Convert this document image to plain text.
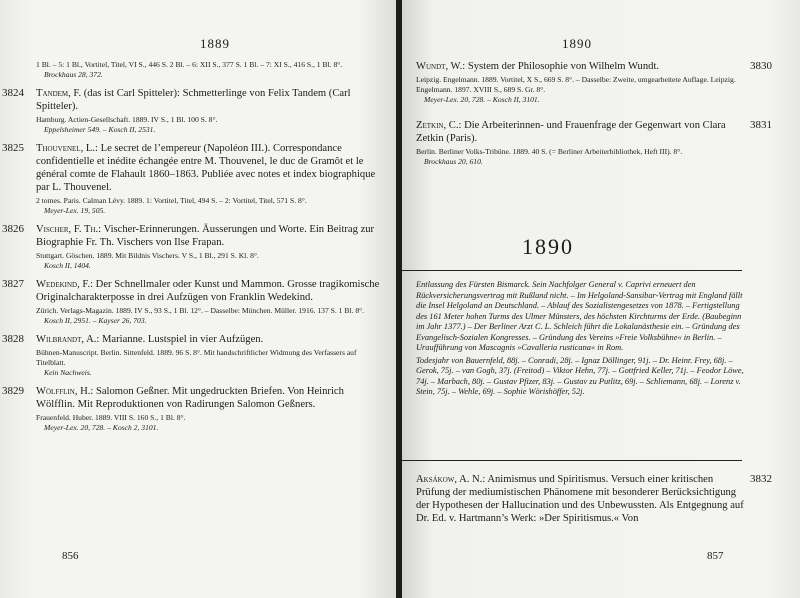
1889
1 Bl. – 5: 1 Bl., Vortitel, Titel, VI S., 446 S. 2 Bl. – 6: XII S., 377 S. 1 Bl. – 7: XI S., 416 S., 1 Bl. 8°.
Brockhaus 28, 372.
3824 Tandem, F. (das ist Carl Spitteler): Schmetterlinge von Felix Tandem (Carl Spitteler).
Hamburg. Actien-Gesellschaft. 1889. IV S., 1 Bl. 100 S. 8°.
Eppelsheimer 549. – Kosch II, 2531.
3825 Thouvenel, L.: Le secret de l’empereur (Napoléon III.). Correspondance confidentielle et inédite échangée entre M. Thouvenel, le duc de Gramôt et le général comte de Flahault 1860–1863. Publiée avec notes et index biographique par L. Thouvenel.
2 tomes. Paris. Calman Lévy. 1889. 1: Vortitel, Titel, 494 S. – 2: Vortitel, Titel, 571 S. 8°.
Meyer-Lex. 19, 505.
3826 Vischer, F. Th.: Vischer-Erinnerungen. Äusserungen und Worte. Ein Beitrag zur Biographie Fr. Th. Vischers von Ilse Frapan.
Stuttgart. Göschen. 1889. Mit Bildnis Vischers. V S., 1 Bl., 291 S. Kl. 8°.
Kosch II, 1404.
3827 Wedekind, F.: Der Schnellmaler oder Kunst und Mammon. Grosse tragikomische Originalcharakterposse in drei Aufzügen von Franklin Wedekind.
Zürich. Verlags-Magazin. 1889. IV S., 93 S., 1 Bl. 12°. – Dasselbe: München. Müller. 1916. 137 S. 1 Bl. 8°.
Kosch II, 2951. – Kayser 26, 703.
3828 Wilbrandt, A.: Marianne. Lustspiel in vier Aufzügen.
Bühnen-Manuscript. Berlin. Sittenfeld. 1889. 96 S. 8°. Mit handschriftlicher Widmung des Verfassers auf Titelblatt.
Kein Nachweis.
3829 Wölfflin, H.: Salomon Geßner. Mit ungedruckten Briefen. Von Heinrich Wölfflin. Mit Reproduktionen von Radirungen Salomon Geßners.
Frauenfeld. Huber. 1889. VIII S. 160 S., 1 Bl. 8°.
Meyer-Lex. 20, 728. – Kosch 2, 3101.
856
1890
3830
Wundt, W.: System der Philosophie von Wilhelm Wundt.
Leipzig. Engelmann. 1889. Vortitel, X S., 669 S. 8°. – Dasselbe: Zweite, umgearbeitete Auflage. Leipzig. Engelmann. 1897. XVIII S., 689 S. Gr. 8°.
Meyer-Lex. 20, 728. – Kosch II, 3101.
3831
Zetkin, C.: Die Arbeiterinnen- und Frauenfrage der Gegenwart von Clara Zetkin (Paris).
Berlin. Berliner Volks-Tribüne. 1889. 40 S. (= Berliner Arbeiterbibliothek, Heft III). 8°.
Brockhaus 20, 610.
1890

Entlassung des Fürsten Bismarck. Sein Nachfolger General v. Caprivi erneuert den Rückversicherungsvertrag mit Rußland nicht. – Im Helgoland-Sansibar-Vertrag mit England fällt die Insel Helgoland an Deutschland. – Ablauf des Sozialistengesetzes von 1878. – Fertigstellung des 161 Meter hohen Turms des Ulmer Münsters, des höchsten Kirchturms der Erde. (Baubeginn im Jahr 1377.) – Der Berliner Arzt C. L. Schleich führt die Lokalanästhesie ein. – Gründung des Evangelisch-Sozialen Kongresses. – Gründung des Vereins »Freie Volksbühne« in Berlin. – Uraufführung von Mascagnis »Cavalleria rusticana« in Rom.

Todesjahr von Bauernfeld, 88j. – Conradi, 28j. – Ignaz Döllinger, 91j. – Dr. Heinr. Frey, 68j. – Gerok, 75j. – van Gogh, 37j. (Freitod) – Viktor Hehn, 77j. – Gottfried Keller, 71j. – Feodor Löwe, 74j. – Marbach, 80j. – Gustav Pfizer, 83j. – Gustav zu Putlitz, 69j. – Schliemann, 68j. – Lorenz v. Stein, 75j. – Wehle, 69j. – Sophie Wörishöffer, 52j.

3832
Aksákow, A. N.: Animismus und Spiritismus. Versuch einer kritischen Prüfung der mediumistischen Phänomene mit besonderer Berücksichtigung der Hypothesen der Hallucination und des Unbewussten. Als Entgegnung auf Dr. Ed. v. Hartmann’s Werk: »Der Spiritismus.« Von
857
